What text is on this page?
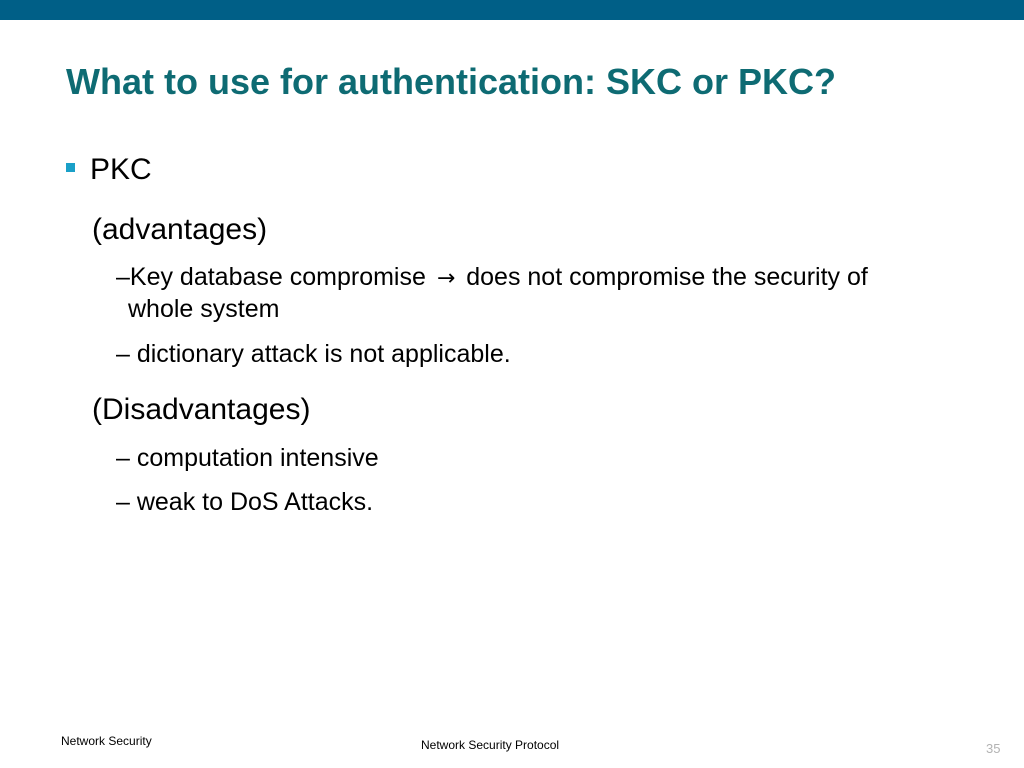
What to use for authentication: SKC or PKC?
PKC
(advantages)
–Key database compromise → does not compromise the security of
whole system
– dictionary attack is not applicable.
(Disadvantages)
– computation intensive
– weak to DoS Attacks.
Network Security	Network Security Protocol	35
